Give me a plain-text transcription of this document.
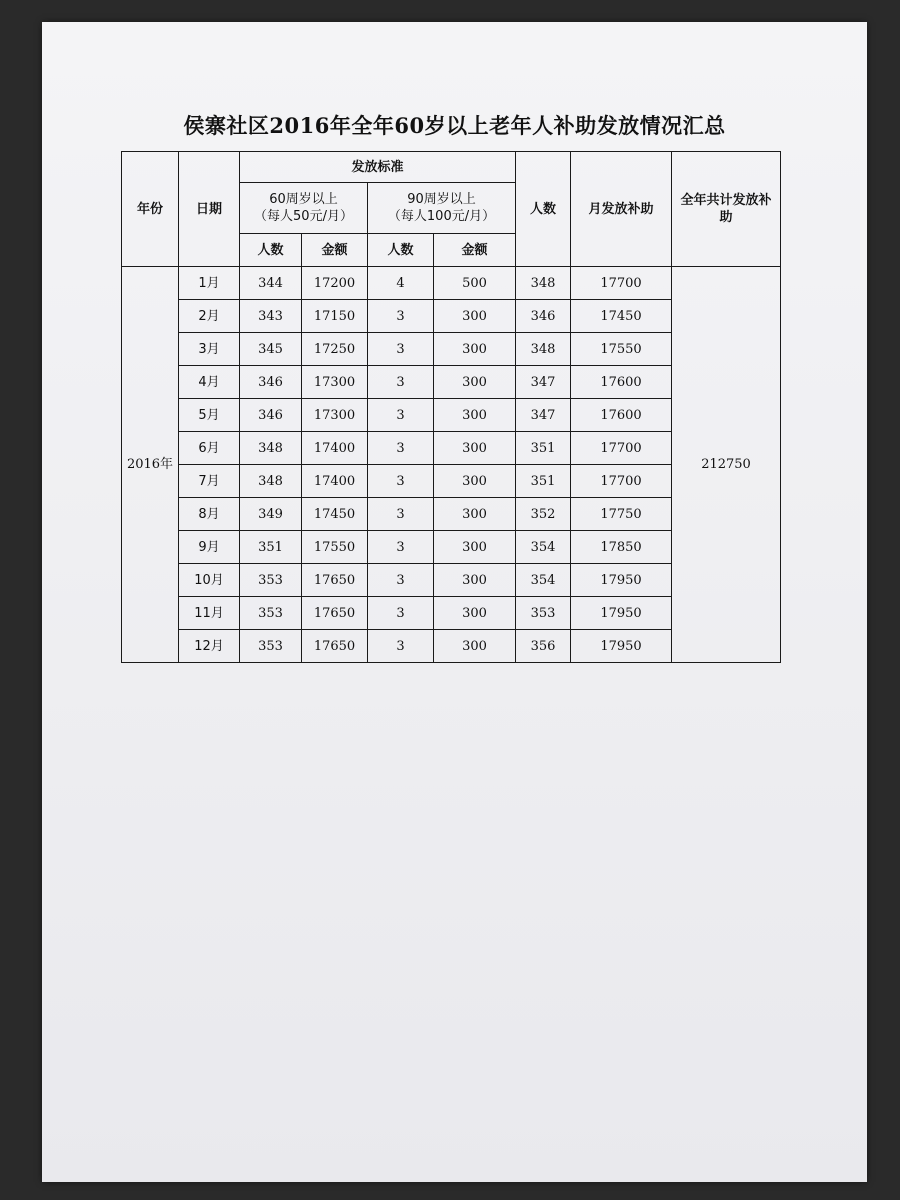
侯寨社区2016年全年60岁以上老年人补助发放情况汇总
年份	日期	发放标准				人数	月发放补助	全年共计发放补助

		60周岁以上
（每人50元/月）		90周岁以上
（每人100元/月）				

		人数	金额	人数	金额			
2016年	1月	344	17200	4	500	348	17700	212750
	2月	343	17150	3	300	346	17450	
	3月	345	17250	3	300	348	17550	
	4月	346	17300	3	300	347	17600	
	5月	346	17300	3	300	347	17600	
	6月	348	17400	3	300	351	17700	
	7月	348	17400	3	300	351	17700	
	8月	349	17450	3	300	352	17750	
	9月	351	17550	3	300	354	17850	
	10月	353	17650	3	300	354	17950	
	11月	353	17650	3	300	353	17950	
	12月	353	17650	3	300	356	17950	
